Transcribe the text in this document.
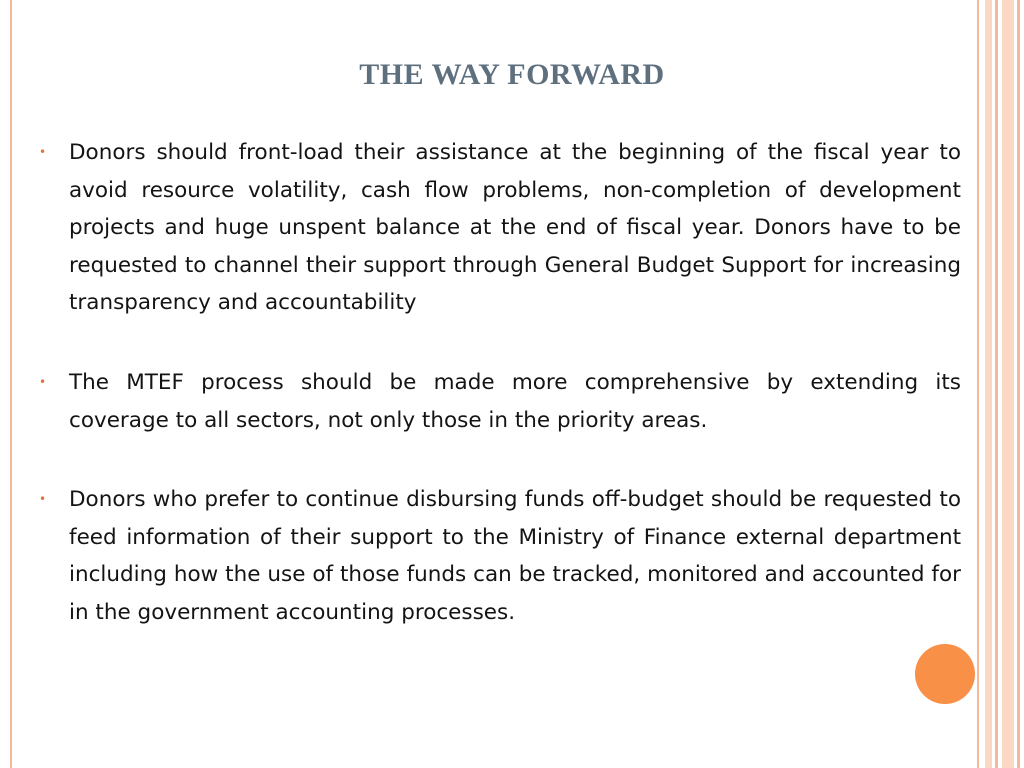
THE WAY FORWARD
• Donors should front-load their assistance at the beginning of the fiscal year to avoid resource volatility, cash flow problems, non-completion of development projects and huge unspent balance at the end of fiscal year. Donors have to be requested to channel their support through General Budget Support for increasing transparency and accountability
• The MTEF process should be made more comprehensive by extending its coverage to all sectors, not only those in the priority areas.
• Donors who prefer to continue disbursing funds off-budget should be requested to feed information of their support to the Ministry of Finance external department including how the use of those funds can be tracked, monitored and accounted for in the government accounting processes.
